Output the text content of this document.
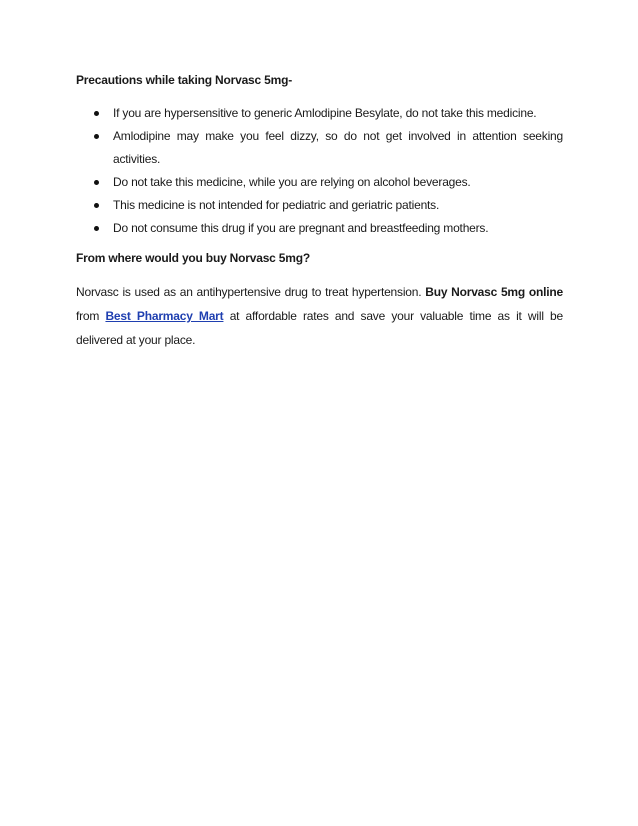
Precautions while taking Norvasc 5mg-

If you are hypersensitive to generic Amlodipine Besylate, do not take this medicine.
Amlodipine may make you feel dizzy, so do not get involved in attention seeking activities.
Do not take this medicine, while you are relying on alcohol beverages.
This medicine is not intended for pediatric and geriatric patients.
Do not consume this drug if you are pregnant and breastfeeding mothers.

From where would you buy Norvasc 5mg?

Norvasc is used as an antihypertensive drug to treat hypertension. Buy Norvasc 5mg online from Best Pharmacy Mart at affordable rates and save your valuable time as it will be delivered at your place.
